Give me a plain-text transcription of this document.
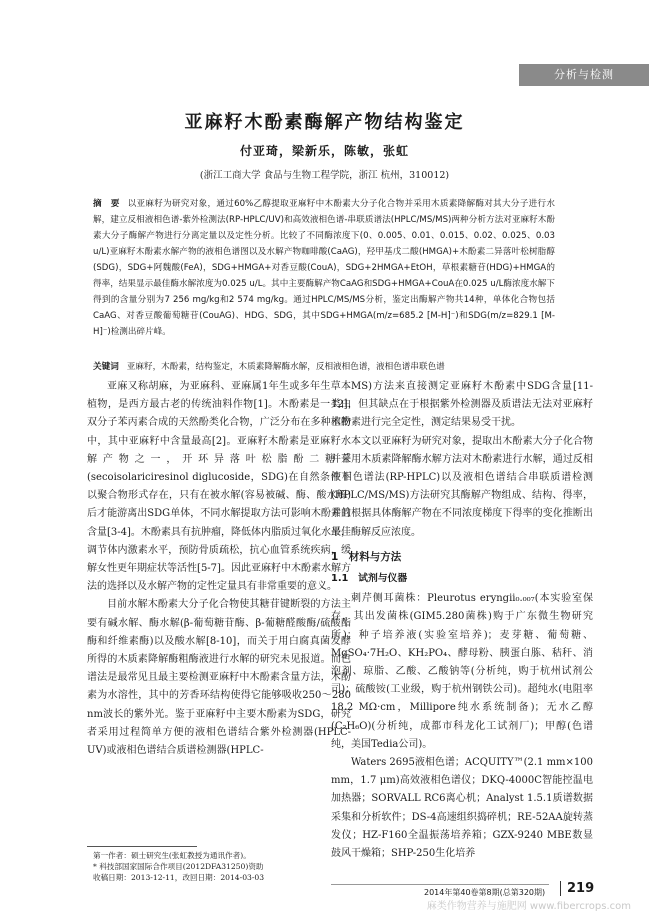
分析与检测
亚麻籽木酚素酶解产物结构鉴定
付亚琦，梁新乐，陈敏，张虹
(浙江工商大学 食品与生物工程学院，浙江 杭州，310012)
摘　要 以亚麻籽为研究对象，通过60%乙醇提取亚麻籽中木酚素大分子化合物并采用木质素降解酶对其大分子进行水解，建立反相液相色谱-紫外检测法(RP-HPLC/UV)和高效液相色谱-串联质谱法(HPLC/MS/MS)两种分析方法对亚麻籽木酚素大分子酶解产物进行分离定量以及定性分析。比较了不同酶浓度下(0、0.005、0.01、0.015、0.02、0.025、0.03 u/L)亚麻籽木酚素水解产物的液相色谱图以及水解产物咖啡酸(CaAG)，羟甲基戊二酸(HMGA)+木酚素二异落叶松树脂醇(SDG)，SDG+阿魏酸(FeA)，SDG+HMGA+对香豆酸(CouA)，SDG+2HMGA+EtOH，草根素糖苷(HDG)+HMGA的得率，结果显示最佳酶水解浓度为0.025 u/L。其中主要酶解产物CaAG和SDG+HMGA+CouA在0.025 u/L酶浓度水解下得到的含量分别为7 256 mg/kg和2 574 mg/kg。通过HPLC/MS/MS分析，鉴定出酶解产物共14种，单体化合物包括CaAG、对香豆酸葡萄糖苷(CouAG)、HDG、SDG，其中SDG+HMGA(m/z=685.2 [M-H]⁻)和SDG(m/z=829.1 [M-H]⁻)检测出碎片峰。
关键词 亚麻籽，木酚素，结构鉴定，木质素降解酶水解，反相液相色谱，液相色谱串联色谱

亚麻又称胡麻，为亚麻科、亚麻属1年生或多年生草本植物，是西方最古老的传统油料作物[1]。木酚素是一类由双分子苯丙素合成的天然酚类化合物，广泛分布在多种植物中，其中亚麻籽中含量最高[2]。亚麻籽木酚素是亚麻籽水解产物之一，开环异落叶松脂酚二糖苷(secoisolariciresinol diglucoside，SDG)在自然条件下以聚合物形式存在，只有在被水解(容易被碱、酶、酸水解)后才能游离出SDG单体，不同水解提取方法可影响木酚素的含量[3-4]。木酚素具有抗肿瘤，降低体内脂质过氧化水平，调节体内激素水平，预防骨质疏松，抗心血管系统疾病，缓解女性更年期症状等活性[5-7]。因此亚麻籽中木酚素水解方法的选择以及水解产物的定性定量具有非常重要的意义。

目前水解木酚素大分子化合物使其糖苷键断裂的方法主要有碱水解、酶水解(β-葡萄糖苷酶、β-葡糖醛酸酶/硫酸酯酶和纤维素酶)以及酸水解[8-10]，而关于用白腐真菌发酵所得的木质素降解酶粗酶液进行水解的研究未见报道。而色谱法是最常见且最主要检测亚麻籽中木酚素含量方法，木酚素为水溶性，其中的芳香环结构使得它能够吸收250～280 nm波长的紫外光。鉴于亚麻籽中主要木酚素为SDG，研究者采用过程简单方便的液相色谱结合紫外检测器(HPLC-UV)或液相色谱结合质谱检测器(HPLC-

MS)方法来直接测定亚麻籽木酚素中SDG含量[11-12]，但其缺点在于根据紫外检测器及质谱法无法对亚麻籽木酚素进行完全定性，测定结果易受干扰。

本文以亚麻籽为研究对象，提取出木酚素大分子化合物并采用木质素降解酶水解方法对木酚素进行水解，通过反相液相色谱法(RP-HPLC)以及液相色谱结合串联质谱检测(HPLC/MS/MS)方法研究其酶解产物组成、结构、得率，并且根据具体酶解产物在不同浓度梯度下得率的变化推断出最佳酶解反应浓度。

1　材料与方法
1.1　试剂与仪器

刺芹侧耳菌株：Pleurotus eryngii₀.₀₀₇(本实验室保存，其出发菌株(GIM5.280菌株)购于广东微生物研究所)；种子培养液(实验室培养)；麦芽糖、葡萄糖、MgSO₄·7H₂O、KH₂PO₄、酵母粉、胰蛋白胨、秸秆、消泡剂、琼脂、乙酸、乙酸钠等(分析纯，购于杭州试剂公司)；硫酸铵(工业级，购于杭州钢铁公司)。超纯水(电阻率18.2 MΩ·cm，Millipore纯水系统制备)；无水乙醇(C₂H₆O)(分析纯，成都市科龙化工试剂厂)；甲醇(色谱纯，美国Tedia公司)。

Waters 2695液相色谱；ACQUITY™(2.1 mm×100 mm，1.7 μm)高效液相色谱仪；DKQ-4000C智能控温电加热器；SORVALL RC6离心机；Analyst 1.5.1质谱数据采集和分析软件；DS-4高速组织捣碎机；RE-52AA旋转蒸发仪；HZ-F160全温振荡培养箱；GZX-9240 MBE数显鼓风干燥箱；SHP-250生化培养

第一作者：硕士研究生(张虹教授为通讯作者)。
* 科技部国家国际合作项目(2012DFA31250)资助
收稿日期：2013-12-11，改回日期：2014-03-03
2014年第40卷第8期(总第320期)	219
麻类作物营养与施肥网 www.fibercrops.com
